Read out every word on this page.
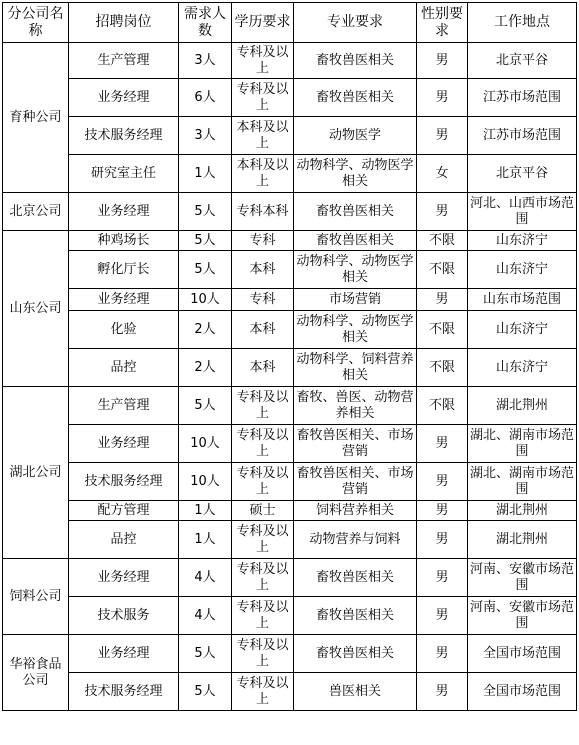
分公司名称	招聘岗位	需求人数	学历要求	专业要求	性别要求	工作地点
育种公司	生产管理	3人	专科及以上	畜牧兽医相关	男	北京平谷
	业务经理	6人	专科及以上	畜牧兽医相关	男	江苏市场范围
	技术服务经理	3人	本科及以上	动物医学	男	江苏市场范围
	研究室主任	1人	本科及以上	动物科学、动物医学相关	女	北京平谷
北京公司	业务经理	5人	专科本科	畜牧兽医相关	男	河北、山西市场范围
山东公司	种鸡场长	5人	专科	畜牧兽医相关	不限	山东济宁
	孵化厅长	5人	本科	动物科学、动物医学相关	不限	山东济宁
	业务经理	10人	专科	市场营销	男	山东市场范围
	化验	2人	本科	动物科学、动物医学相关	不限	山东济宁
	品控	2人	本科	动物科学、饲料营养相关	不限	山东济宁
湖北公司	生产管理	5人	专科及以上	畜牧、兽医、动物营养相关	不限	湖北荆州
	业务经理	10人	专科及以上	畜牧兽医相关、市场营销	男	湖北、湖南市场范围
	技术服务经理	10人	专科及以上	畜牧兽医相关、市场营销	男	湖北、湖南市场范围
	配方管理	1人	硕士	饲料营养相关	男	湖北荆州
	品控	1人	专科及以上	动物营养与饲料	男	湖北荆州
饲料公司	业务经理	4人	专科及以上	畜牧兽医相关	男	河南、安徽市场范围
	技术服务	4人	专科及以上	畜牧兽医相关	男	河南、安徽市场范围
华裕食品公司	业务经理	5人	专科及以上	畜牧兽医相关	男	全国市场范围
	技术服务经理	5人	专科及以上	兽医相关	男	全国市场范围
